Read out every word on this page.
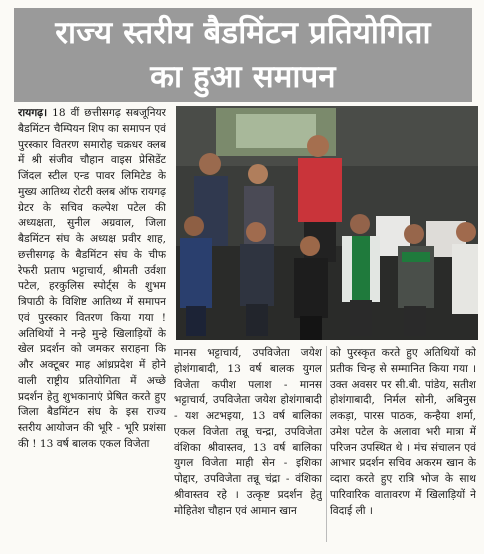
राज्य स्तरीय बैडमिंटन प्रतियोगिता
का हुआ समापन

रायगढ़। 18 वीं छत्तीसगढ़ सबजूनियर बैडमिंटन चैम्पियन शिप का समापन एवं पुरस्कार वितरण समारोह चक्रधर क्लब में श्री संजीव चौहान वाइस प्रेसिडेंट जिंदल स्टील एन्ड पावर लिमिटेड के मुख्य आतिथ्य रोटरी क्लब ऑफ रायगढ़ ग्रेटर के सचिव कल्पेश पटेल की अध्यक्षता, सुनील अग्रवाल, जिला बैडमिंटन संघ के अध्यक्ष प्रवीर शाह, छत्तीसगढ़ के बैडमिंटन संघ के चीफ रेफरी प्रताप भट्टाचार्य, श्रीमती उर्वशा पटेल, हरकुलिस स्पोर्ट्स के शुभम त्रिपाठी के विशिष्ट आतिथ्य में समापन एवं पुरस्कार वितरण किया गया ! अतिथियों ने नन्हे मुन्हे खिलाड़ियों के खेल प्रदर्शन को जमकर सराहना कि और अक्टूबर माह आंध्रप्रदेश में होने वाली राष्ट्रीय प्रतियोगिता में अच्छे प्रदर्शन हेतु शुभकानाएं प्रेषित करते हुए जिला बैडमिंटन संघ के इस राज्य स्तरीय आयोजन की भूरि - भूरि प्रशंसा की ! 13 वर्ष बालक एकल विजेता

मानस भट्टाचार्य, उपविजेता जयेश होशंगाबादी, 13 वर्ष बालक युगल विजेता कपीश पलाश - मानस भट्टाचार्य, उपविजेता जयेश होशंगाबादी - यश अटभइया, 13 वर्ष बालिका एकल विजेता तन्नू चन्द्रा, उपविजेता वंशिका श्रीवास्तव, 13 वर्ष बालिका युगल विजेता माही सेन - इशिका पोद्दार, उपविजेता तन्नू चंद्रा - वंशिका श्रीवास्तव रहे । उत्कृष्ट प्रदर्शन हेतु मोहितेश चौहान एवं आमान खान

को पुरस्कृत करते हुए अतिथियों को प्रतीक चिन्ह से सम्मानित किया गया । उक्त अवसर पर सी.बी. पांडेय, सतीश होशंगाबादी, निर्मल सोनी, अबिनुस लकड़ा, पारस पाठक, कन्हैया शर्मा, उमेश पटेल के अलावा भरी मात्रा में परिजन उपस्थित थे । मंच संचालन एवं आभार प्रदर्शन सचिव अकरम खान के व्दारा करते हुए रात्रि भोज के साथ पारिवारिक वातावरण में खिलाड़ियों ने विदाई ली ।
